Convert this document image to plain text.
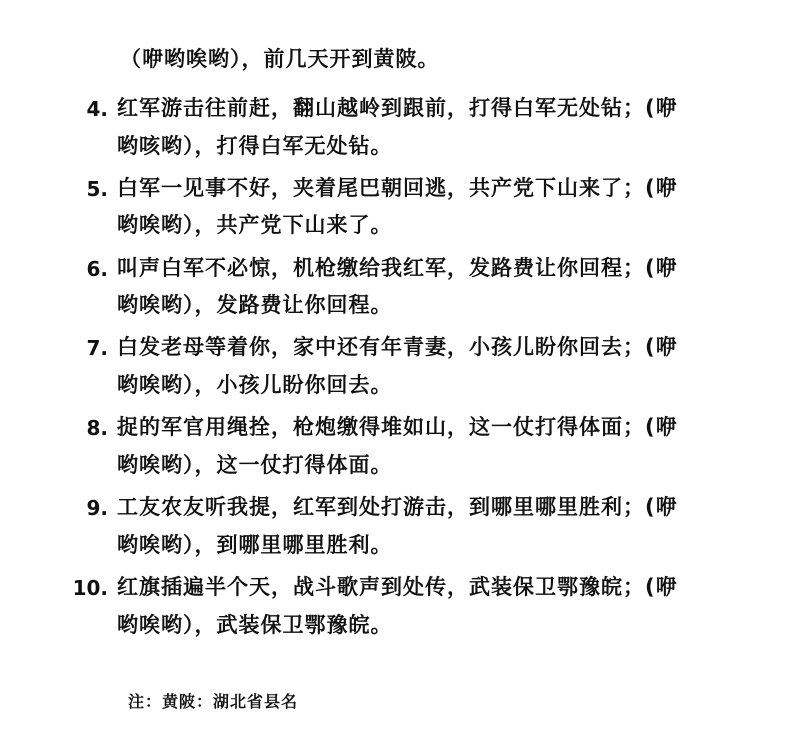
（咿哟唉哟），前几天开到黄陂。
4. 红军游击往前赶，翻山越岭到跟前，打得白军无处钻；(咿
哟咳哟），打得白军无处钻。
5. 白军一见事不好，夹着尾巴朝回逃，共产党下山来了；(咿
哟唉哟），共产党下山来了。
6. 叫声白军不必惊，机枪缴给我红军，发路费让你回程；(咿
哟唉哟），发路费让你回程。
7. 白发老母等着你，家中还有年青妻，小孩儿盼你回去；(咿
哟唉哟），小孩儿盼你回去。
8. 捉的军官用绳拴，枪炮缴得堆如山，这一仗打得体面；(咿
哟唉哟），这一仗打得体面。
9. 工友农友听我提，红军到处打游击，到哪里哪里胜利；(咿
哟唉哟），到哪里哪里胜利。
10. 红旗插遍半个天，战斗歌声到处传，武装保卫鄂豫皖；(咿
哟唉哟），武装保卫鄂豫皖。
注：黄陂：湖北省县名
